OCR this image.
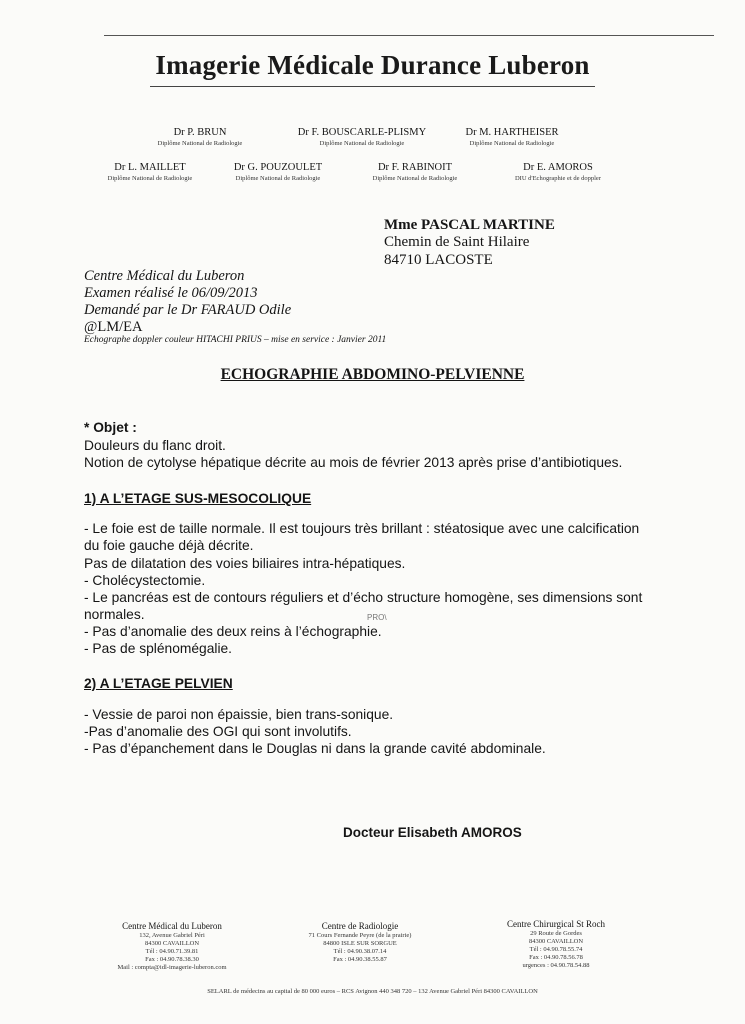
Imagerie Médicale Durance Luberon
Dr P. BRUN
Diplôme National de Radiologie
Dr F. BOUSCARLE-PLISMY
Diplôme National de Radiologie
Dr M. HARTHEISER
Diplôme National de Radiologie
Dr L. MAILLET
Diplôme National de Radiologie
Dr G. POUZOULET
Diplôme National de Radiologie
Dr F. RABINOIT
Diplôme National de Radiologie
Dr E. AMOROS
DIU d'Echographie et de doppler
Mme PASCAL MARTINE
Chemin de Saint Hilaire
84710 LACOSTE
Centre Médical du Luberon
Examen réalisé le 06/09/2013
Demandé par le Dr FARAUD Odile
@LM/EA
Echographe doppler couleur HITACHI PRIUS – mise en service : Janvier 2011
ECHOGRAPHIE ABDOMINO-PELVIENNE
* Objet :
Douleurs du flanc droit.
Notion de cytolyse hépatique décrite au mois de février 2013 après prise d’antibiotiques.
1) A L’ETAGE SUS-MESOCOLIQUE
- Le foie est de taille normale. Il est toujours très brillant : stéatosique avec une calcification
du foie gauche déjà décrite.
Pas de dilatation des voies biliaires intra-hépatiques.
- Cholécystectomie.
- Le pancréas est de contours réguliers et d’écho structure homogène, ses dimensions sont
normales.	PRO\
- Pas d’anomalie des deux reins à l’échographie.
- Pas de splénomégalie.
2) A L’ETAGE PELVIEN
- Vessie de paroi non épaissie, bien trans-sonique.
-Pas d’anomalie des OGI qui sont involutifs.
- Pas d’épanchement dans le Douglas ni dans la grande cavité abdominale.
Docteur Elisabeth AMOROS
Centre Médical du Luberon
132, Avenue Gabriel Péri
84300 CAVAILLON
Tél : 04.90.71.39.81
Fax : 04.90.78.38.30
Mail : compta@idl-imagerie-luberon.com
Centre de Radiologie
71 Cours Fernande Peyre (de la prairie)
84800 ISLE SUR SORGUE
Tél : 04.90.38.07.14
Fax : 04.90.38.55.87
Centre Chirurgical St Roch
29 Route de Gordes
84300 CAVAILLON
Tél : 04.90.78.55.74
Fax : 04.90.78.56.78
urgences : 04.90.78.54.88
SELARL de médecins au capital de 80 000 euros – RCS Avignon 440 348 720 – 132 Avenue Gabriel Péri 84300 CAVAILLON
